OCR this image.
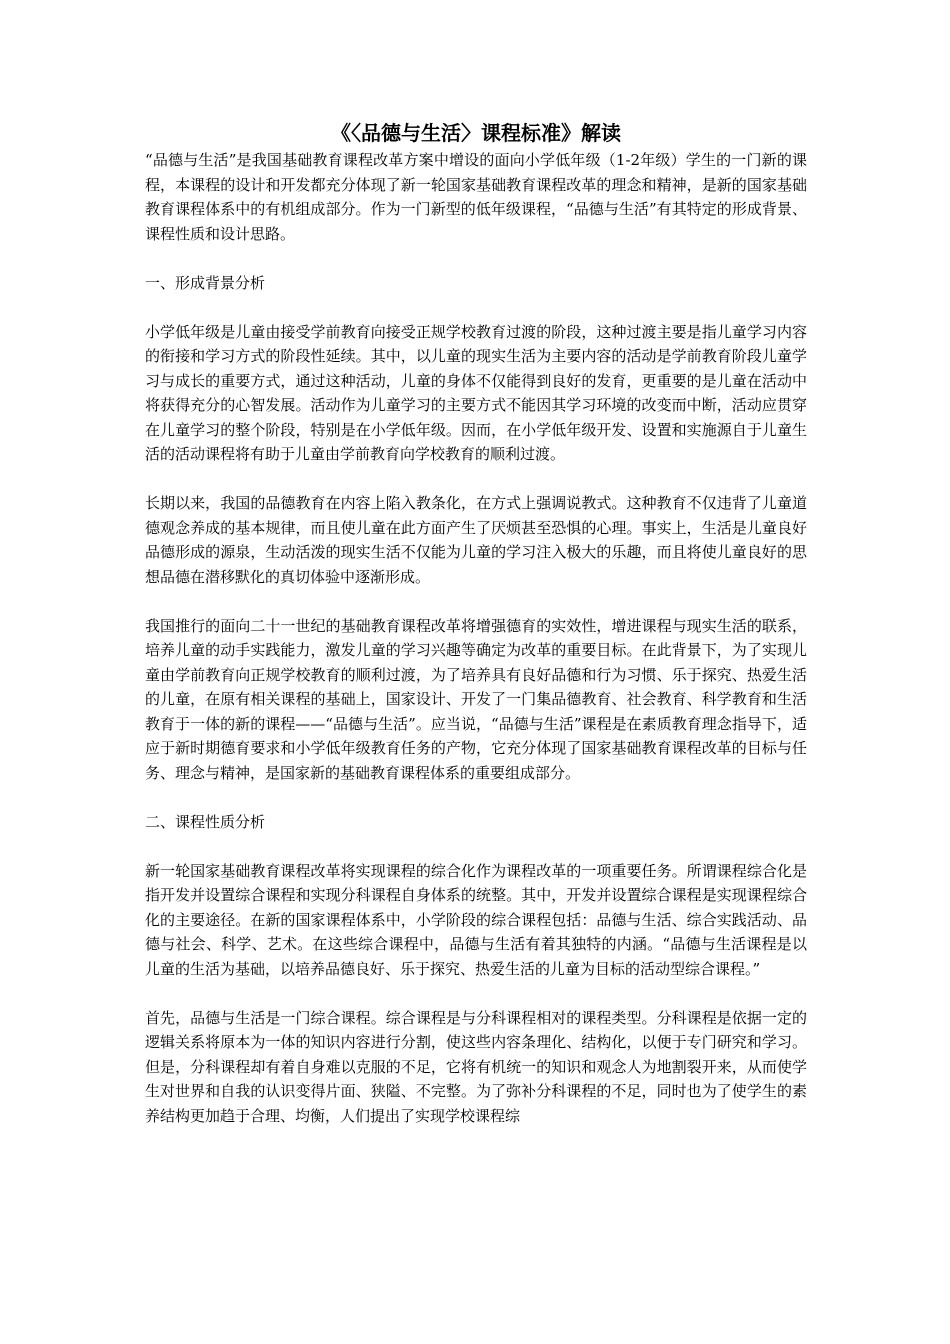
《〈品德与生活〉课程标准》解读

“品德与生活”是我国基础教育课程改革方案中增设的面向小学低年级（1-2年级）学生的一门新的课程，本课程的设计和开发都充分体现了新一轮国家基础教育课程改革的理念和精神，是新的国家基础教育课程体系中的有机组成部分。作为一门新型的低年级课程，“品德与生活”有其特定的形成背景、课程性质和设计思路。

一、形成背景分析

小学低年级是儿童由接受学前教育向接受正规学校教育过渡的阶段，这种过渡主要是指儿童学习内容的衔接和学习方式的阶段性延续。其中，以儿童的现实生活为主要内容的活动是学前教育阶段儿童学习与成长的重要方式，通过这种活动，儿童的身体不仅能得到良好的发育，更重要的是儿童在活动中将获得充分的心智发展。活动作为儿童学习的主要方式不能因其学习环境的改变而中断，活动应贯穿在儿童学习的整个阶段，特别是在小学低年级。因而，在小学低年级开发、设置和实施源自于儿童生活的活动课程将有助于儿童由学前教育向学校教育的顺利过渡。

长期以来，我国的品德教育在内容上陷入教条化，在方式上强调说教式。这种教育不仅违背了儿童道德观念养成的基本规律，而且使儿童在此方面产生了厌烦甚至恐惧的心理。事实上，生活是儿童良好品德形成的源泉，生动活泼的现实生活不仅能为儿童的学习注入极大的乐趣，而且将使儿童良好的思想品德在潜移默化的真切体验中逐渐形成。

我国推行的面向二十一世纪的基础教育课程改革将增强德育的实效性，增进课程与现实生活的联系，培养儿童的动手实践能力，激发儿童的学习兴趣等确定为改革的重要目标。在此背景下，为了实现儿童由学前教育向正规学校教育的顺利过渡，为了培养具有良好品德和行为习惯、乐于探究、热爱生活的儿童，在原有相关课程的基础上，国家设计、开发了一门集品德教育、社会教育、科学教育和生活教育于一体的新的课程——“品德与生活”。应当说，“品德与生活”课程是在素质教育理念指导下，适应于新时期德育要求和小学低年级教育任务的产物，它充分体现了国家基础教育课程改革的目标与任务、理念与精神，是国家新的基础教育课程体系的重要组成部分。

二、课程性质分析

新一轮国家基础教育课程改革将实现课程的综合化作为课程改革的一项重要任务。所谓课程综合化是指开发并设置综合课程和实现分科课程自身体系的统整。其中，开发并设置综合课程是实现课程综合化的主要途径。在新的国家课程体系中，小学阶段的综合课程包括：品德与生活、综合实践活动、品德与社会、科学、艺术。在这些综合课程中，品德与生活有着其独特的内涵。“品德与生活课程是以儿童的生活为基础，以培养品德良好、乐于探究、热爱生活的儿童为目标的活动型综合课程。”

首先，品德与生活是一门综合课程。综合课程是与分科课程相对的课程类型。分科课程是依据一定的逻辑关系将原本为一体的知识内容进行分割，使这些内容条理化、结构化，以便于专门研究和学习。但是，分科课程却有着自身难以克服的不足，它将有机统一的知识和观念人为地割裂开来，从而使学生对世界和自我的认识变得片面、狭隘、不完整。为了弥补分科课程的不足，同时也为了使学生的素养结构更加趋于合理、均衡，人们提出了实现学校课程综
